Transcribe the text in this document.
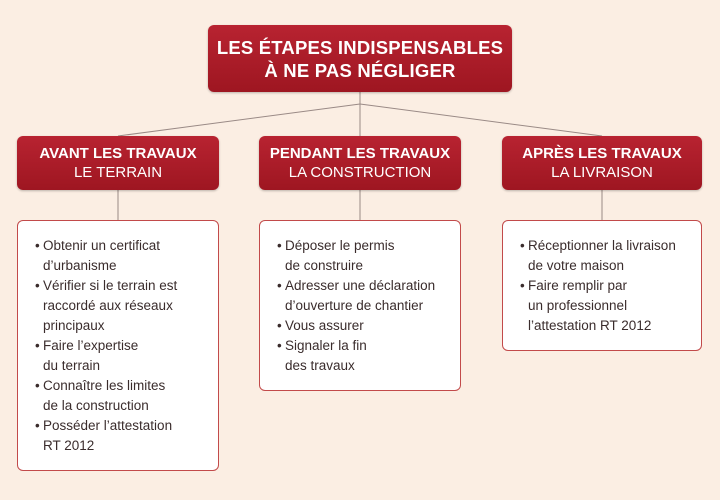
LES ÉTAPES INDISPENSABLES
À NE PAS NÉGLIGER
AVANT LES TRAVAUX
LE TERRAIN
PENDANT LES TRAVAUX
LA CONSTRUCTION
APRÈS LES TRAVAUX
LA LIVRAISON
• Obtenir un certificat
d’urbanisme
• Vérifier si le terrain est
raccordé aux réseaux
principaux
• Faire l’expertise
du terrain
• Connaître les limites
de la construction
• Posséder l’attestation
RT 2012
• Déposer le permis
de construire
• Adresser une déclaration
d’ouverture de chantier
• Vous assurer
• Signaler la fin
des travaux
• Réceptionner la livraison
de votre maison
• Faire remplir par
un professionnel
l’attestation RT 2012
